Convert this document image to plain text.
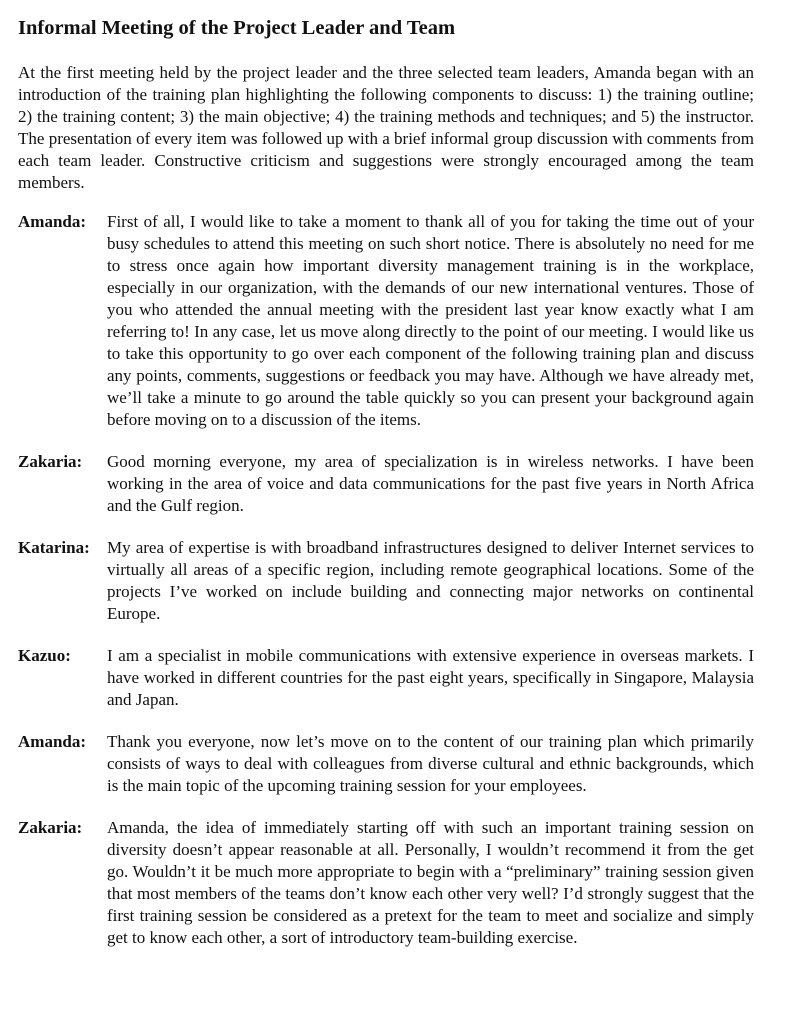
Informal Meeting of the Project Leader and Team

At the first meeting held by the project leader and the three selected team leaders, Amanda began with an introduction of the training plan highlighting the following components to discuss: 1) the training outline; 2) the training content; 3) the main objective; 4) the training methods and techniques; and 5) the instructor. The presentation of every item was followed up with a brief informal group discussion with comments from each team leader. Constructive criticism and suggestions were strongly encouraged among the team members.

Amanda:	First of all, I would like to take a moment to thank all of you for taking the time out of your busy schedules to attend this meeting on such short notice. There is absolutely no need for me to stress once again how important diversity management training is in the workplace, especially in our organization, with the demands of our new international ventures. Those of you who attended the annual meeting with the president last year know exactly what I am referring to! In any case, let us move along directly to the point of our meeting. I would like us to take this opportunity to go over each component of the following training plan and discuss any points, comments, suggestions or feedback you may have. Although we have already met, we’ll take a minute to go around the table quickly so you can present your background again before moving on to a discussion of the items.
Zakaria:	Good morning everyone, my area of specialization is in wireless networks. I have been working in the area of voice and data communications for the past five years in North Africa and the Gulf region.
Katarina:	My area of expertise is with broadband infrastructures designed to deliver Internet services to virtually all areas of a specific region, including remote geographical locations. Some of the projects I’ve worked on include building and connecting major networks on continental Europe.
Kazuo:	I am a specialist in mobile communications with extensive experience in overseas markets. I have worked in different countries for the past eight years, specifically in Singapore, Malaysia and Japan.
Amanda:	Thank you everyone, now let’s move on to the content of our training plan which primarily consists of ways to deal with colleagues from diverse cultural and ethnic backgrounds, which is the main topic of the upcoming training session for your employees.
Zakaria:	Amanda, the idea of immediately starting off with such an important training session on diversity doesn’t appear reasonable at all. Personally, I wouldn’t recommend it from the get go. Wouldn’t it be much more appropriate to begin with a “preliminary” training session given that most members of the teams don’t know each other very well? I’d strongly suggest that the first training session be considered as a pretext for the team to meet and socialize and simply get to know each other, a sort of introductory team-building exercise.
